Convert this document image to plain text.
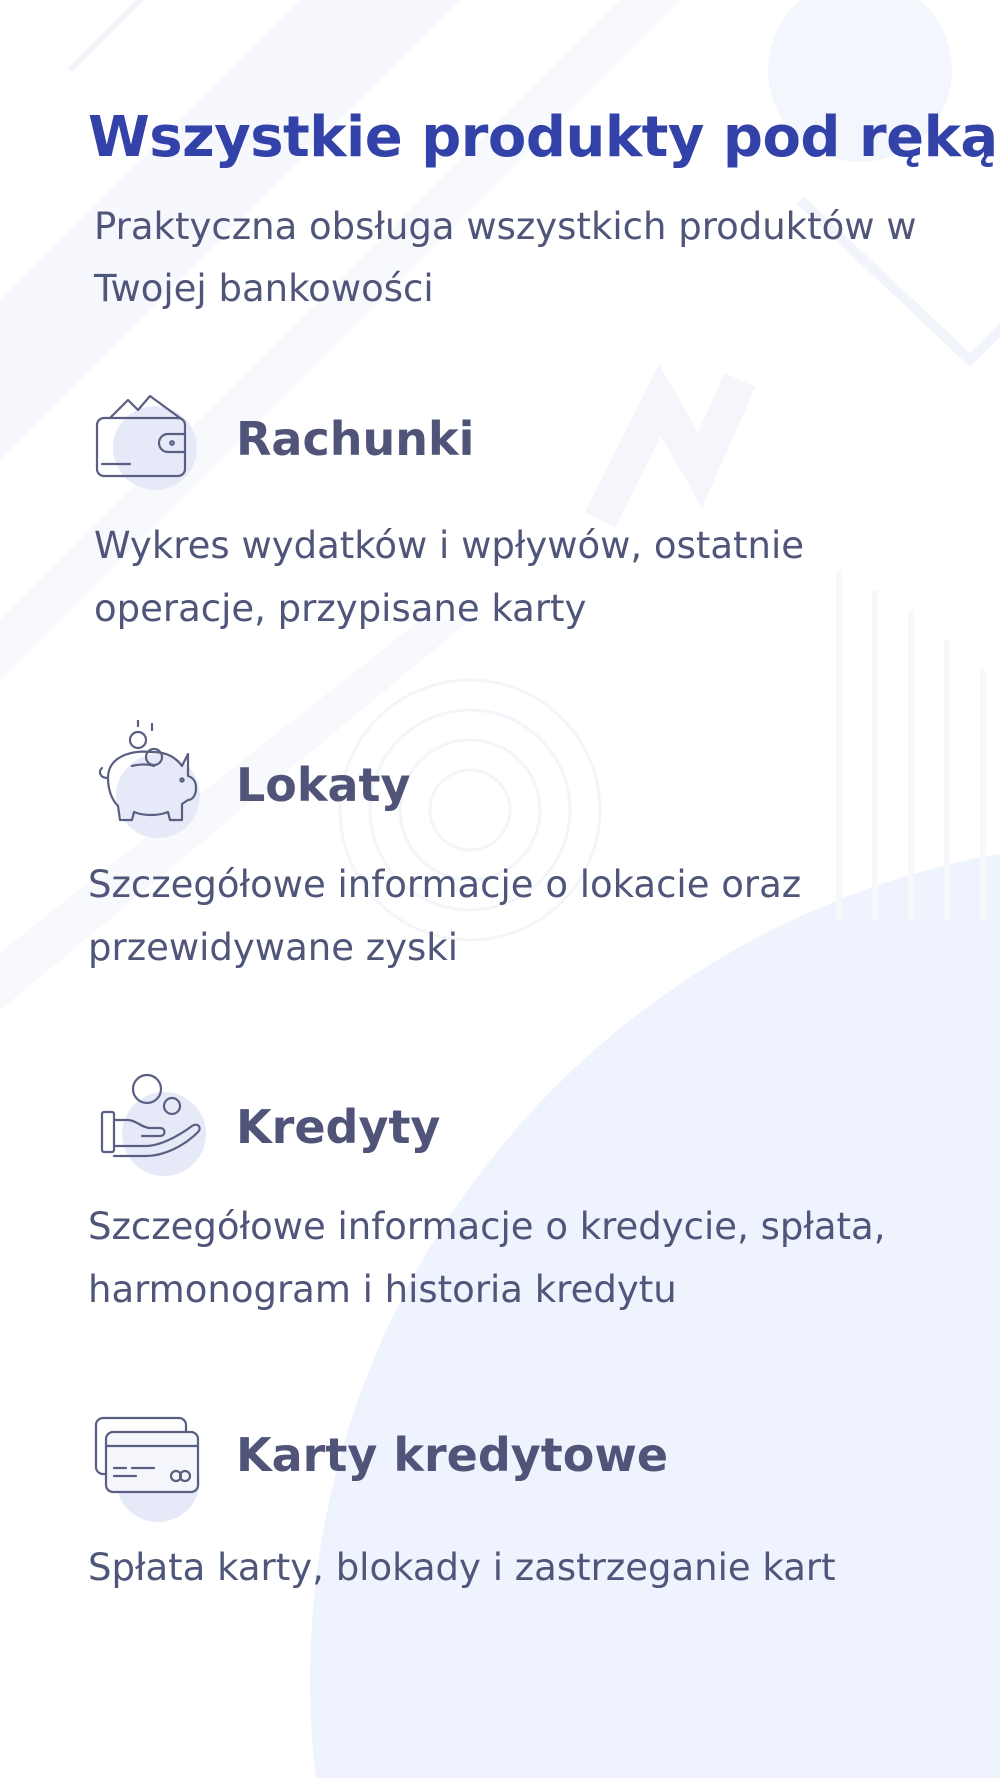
Wszystkie produkty pod ręką

Praktyczna obsługa wszystkich produktów w Twojej bankowości

Rachunki

Wykres wydatków i wpływów, ostatnie operacje, przypisane karty

Lokaty

Szczegółowe informacje o lokacie oraz przewidywane zyski

Kredyty

Szczegółowe informacje o kredycie, spłata, harmonogram i historia kredytu

Karty kredytowe

Spłata karty, blokady i zastrzeganie kart
